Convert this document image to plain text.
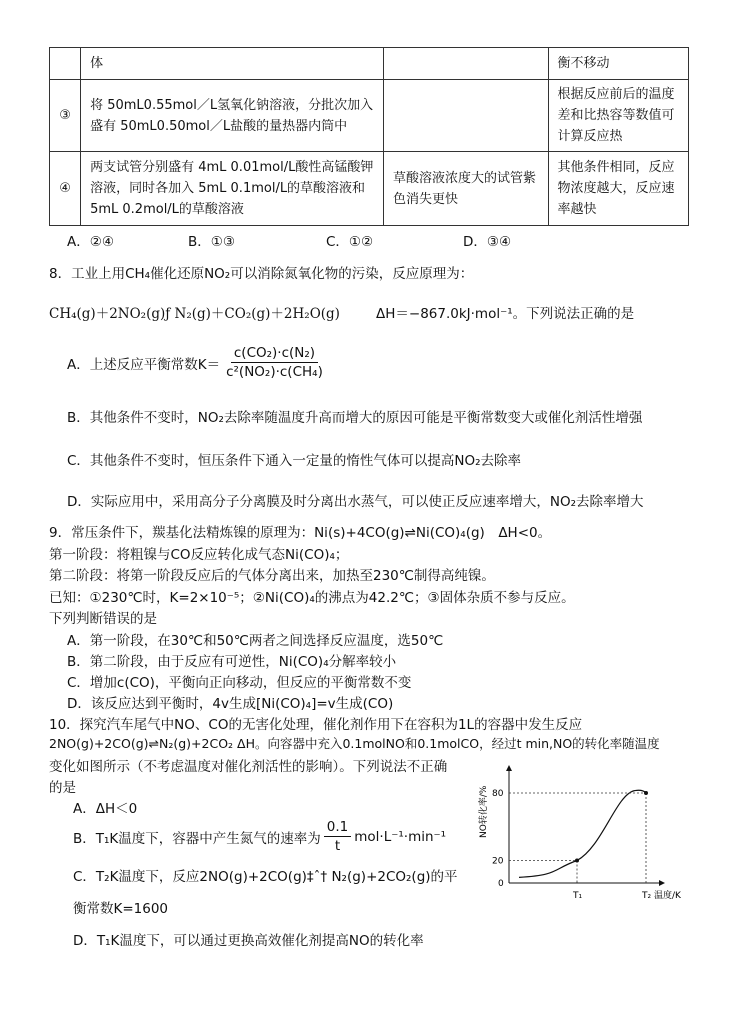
	体		衡不移动
③	将 50mL0.55mol／L氢氧化钠溶液，分批次加入盛有 50mL0.50mol／L盐酸的量热器内筒中		根据反应前后的温度差和比热容等数值可计算反应热
④	两支试管分别盛有 4mL 0.01mol/L酸性高锰酸钾溶液，同时各加入 5mL 0.1mol/L的草酸溶液和5mL 0.2mol/L的草酸溶液	草酸溶液浓度大的试管紫色消失更快	其他条件相同，反应物浓度越大，反应速率越快
A．②④	B．①③	C．①②	D．③④
8．工业上用CH₄催化还原NO₂可以消除氮氧化物的污染，反应原理为：
CH₄(g)＋2NO₂(g)ƒ N₂(g)＋CO₂(g)＋2H₂O(g)	ΔH＝−867.0kJ·mol⁻¹。下列说法正确的是
A．上述反应平衡常数$K= \frac{\text{c(CO₂)·c(N₂)}}{\text{c²(NO₂)·c(CH₄)}}$
B．其他条件不变时，NO₂去除率随温度升高而增大的原因可能是平衡常数变大或催化剂活性增强
C．其他条件不变时，恒压条件下通入一定量的惰性气体可以提高NO₂去除率
D．实际应用中，采用高分子分离膜及时分离出水蒸气，可以使正反应速率增大，NO₂去除率增大
9．常压条件下，羰基化法精炼镍的原理为：Ni(s)+4CO(g)⇌Ni(CO)₄(g)　ΔH<0。
第一阶段：将粗镍与CO反应转化成气态Ni(CO)₄；
第二阶段：将第一阶段反应后的气体分离出来，加热至230℃制得高纯镍。
已知：①230℃时，K=2×10⁻⁵；②Ni(CO)₄的沸点为42.2℃；③固体杂质不参与反应。
下列判断错误的是
A．第一阶段，在30℃和50℃两者之间选择反应温度，选50℃
B．第二阶段，由于反应有可逆性，Ni(CO)₄分解率较小
C．增加c(CO)，平衡向正向移动，但反应的平衡常数不变
D．该反应达到平衡时，4v生成[Ni(CO)₄]=v生成(CO)
10．探究汽车尾气中NO、CO的无害化处理，催化剂作用下在容积为1L的容器中发生反应
2NO(g)+2CO(g)⇌N₂(g)+2CO₂ ΔH。向容器中充入0.1molNO和0.1molCO，经过t min,NO的转化率随温度
变化如图所示（不考虑温度对催化剂活性的影响）。下列说法不正确
的是
A．ΔH＜0
B．T₁K温度下，容器中产生氮气的速率为 $\frac{0.1}{t} mol\cdot L^{-1}\cdot\min^{-1}$
C．T₂K温度下，反应2NO(g)+2CO(g)‡ˆ† N₂(g)+2CO₂(g)的平
衡常数K=1600
D．T₁K温度下，可以通过更换高效催化剂提高NO的转化率
20
80
T₁	T₂
NO转化率/%
温度/K
0
